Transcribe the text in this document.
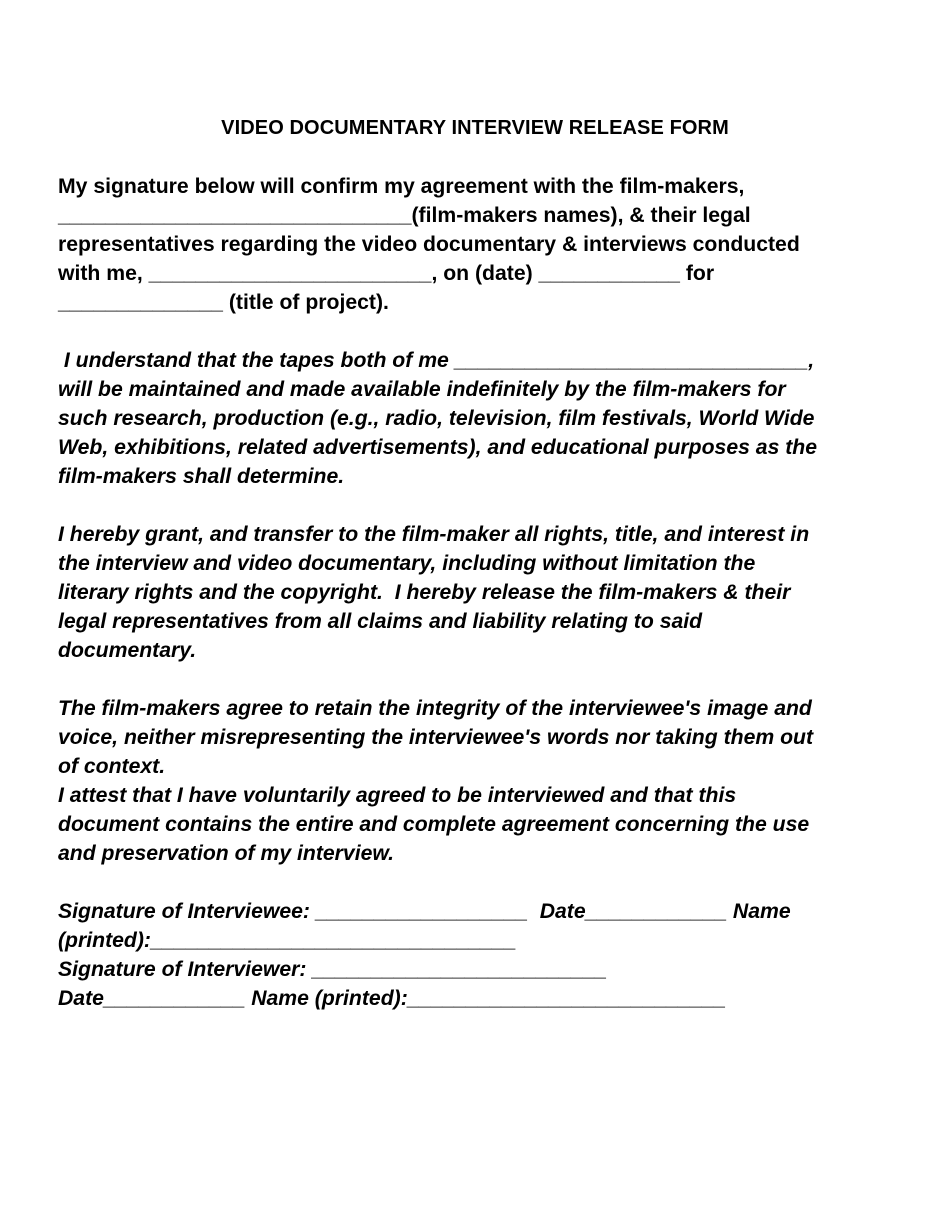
VIDEO DOCUMENTARY INTERVIEW RELEASE FORM
My signature below will confirm my agreement with the film-makers,
______________________________(film-makers names), & their legal
representatives regarding the video documentary & interviews conducted
with me, ________________________, on (date) ____________ for
______________ (title of project).
I understand that the tapes both of me ______________________________,
will be maintained and made available indefinitely by the film-makers for
such research, production (e.g., radio, television, film festivals, World Wide
Web, exhibitions, related advertisements), and educational purposes as the
film-makers shall determine.
I hereby grant, and transfer to the film-maker all rights, title, and interest in
the interview and video documentary, including without limitation the
literary rights and the copyright.  I hereby release the film-makers & their
legal representatives from all claims and liability relating to said
documentary.
The film-makers agree to retain the integrity of the interviewee's image and
voice, neither misrepresenting the interviewee's words nor taking them out
of context.
I attest that I have voluntarily agreed to be interviewed and that this
document contains the entire and complete agreement concerning the use
and preservation of my interview.
Signature of Interviewee: __________________  Date____________ Name
(printed):_______________________________
Signature of Interviewer: _________________________
Date____________ Name (printed):___________________________
